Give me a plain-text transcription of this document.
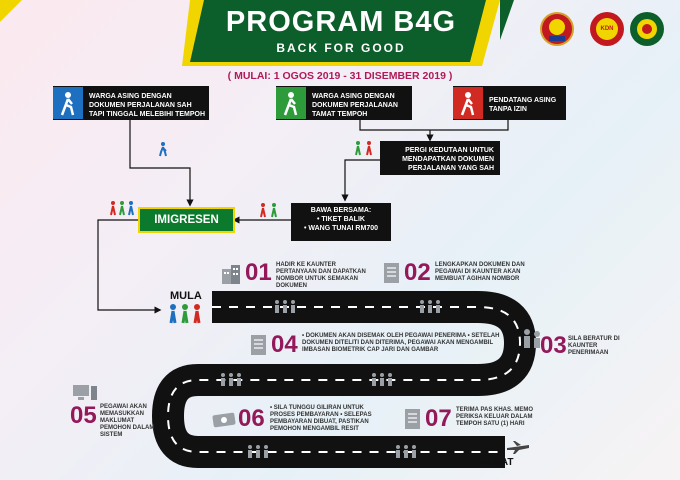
PROGRAM B4G
BACK FOR GOOD
( MULAI: 1 OGOS 2019 - 31 DISEMBER 2019 )
KDN
WARGA ASING DENGAN DOKUMEN PERJALANAN SAH TAPI TINGGAL MELEBIHI TEMPOH
WARGA ASING DENGAN DOKUMEN PERJALANAN TAMAT TEMPOH
PENDATANG ASING TANPA IZIN
PERGI KEDUTAAN UNTUK MENDAPATKAN DOKUMEN PERJALANAN YANG SAH
IMIGRESEN
BAWA BERSAMA:
• TIKET BALIK
• WANG TUNAI RM700
MULA
TAMAT
01 HADIR KE KAUNTER PERTANYAAN DAN DAPATKAN NOMBOR UNTUK SEMAKAN DOKUMEN	02 LENGKAPKAN DOKUMEN DAN PEGAWAI DI KAUNTER AKAN MEMBUAT AGIHAN NOMBOR
03 SILA BERATUR DI KAUNTER PENERIMAAN
04 • DOKUMEN AKAN DISEMAK OLEH PEGAWAI PENERIMA • SETELAH DOKUMEN DITELITI DAN DITERIMA, PEGAWAI AKAN MENGAMBIL IMBASAN BIOMETRIK CAP JARI DAN GAMBAR
05 PEGAWAI AKAN MEMASUKKAN MAKLUMAT PEMOHON DALAM SISTEM
06 • SILA TUNGGU GILIRAN UNTUK PROSES PEMBAYARAN • SELEPAS PEMBAYARAN DIBUAT, PASTIKAN PEMOHON MENGAMBIL RESIT	07 TERIMA PAS KHAS. MEMO PERIKSA KELUAR DALAM TEMPOH SATU (1) HARI
